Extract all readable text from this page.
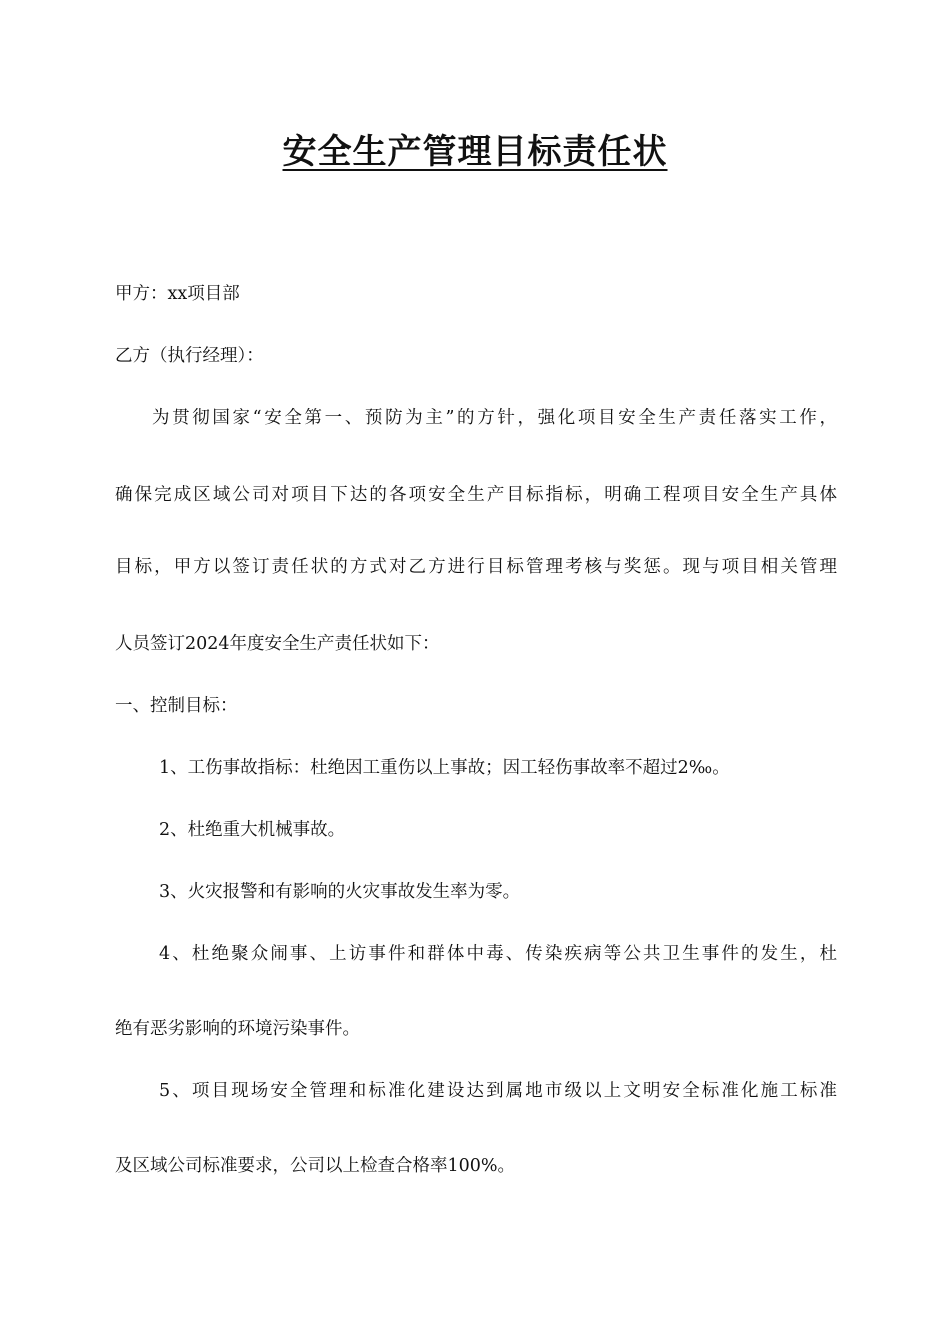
安全生产管理目标责任状

甲方：xx项目部

乙方（执行经理）：

为贯彻国家“安全第一、预防为主”的方针，强化项目安全生产责任落实工作，

确保完成区域公司对项目下达的各项安全生产目标指标，明确工程项目安全生产具体

目标，甲方以签订责任状的方式对乙方进行目标管理考核与奖惩。现与项目相关管理

人员签订2024年度安全生产责任状如下：

一、控制目标：

1、工伤事故指标：杜绝因工重伤以上事故；因工轻伤事故率不超过2‰。

2、杜绝重大机械事故。

3、火灾报警和有影响的火灾事故发生率为零。

4、杜绝聚众闹事、上访事件和群体中毒、传染疾病等公共卫生事件的发生，杜

绝有恶劣影响的环境污染事件。

5、项目现场安全管理和标准化建设达到属地市级以上文明安全标准化施工标准

及区域公司标准要求，公司以上检查合格率100%。
